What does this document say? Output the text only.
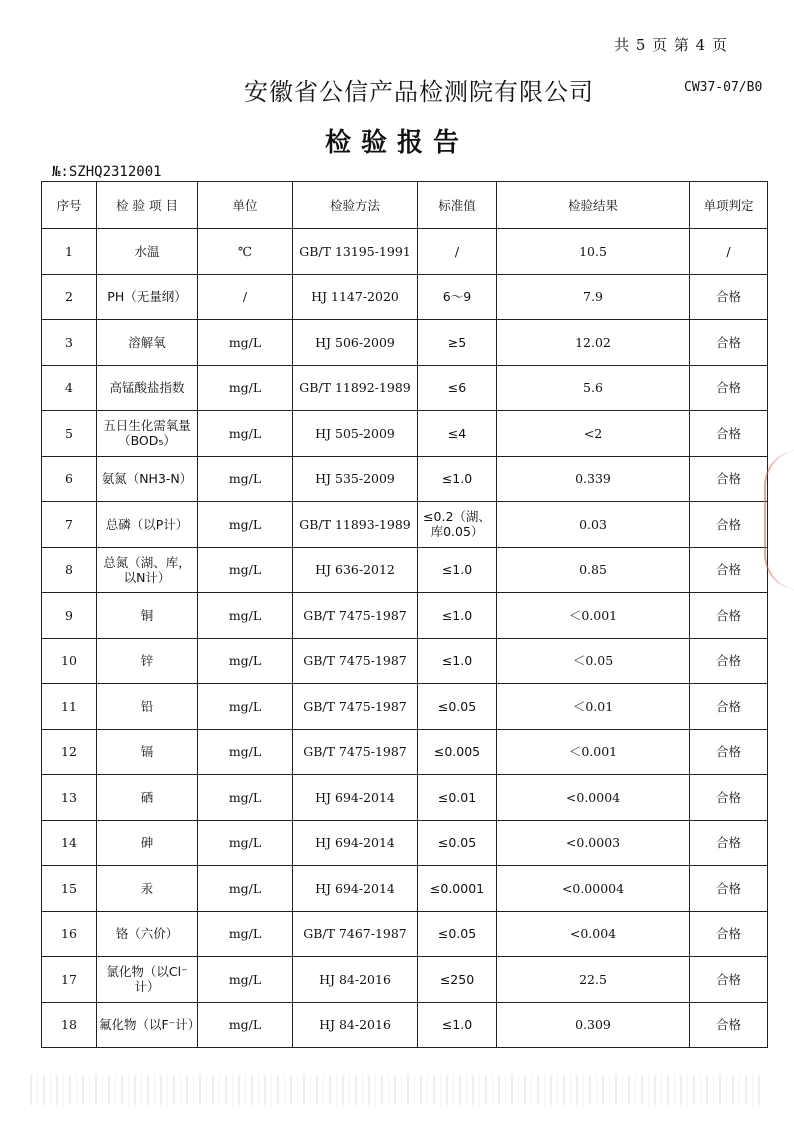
共 5 页 第 4 页
安徽省公信产品检测院有限公司	CW37-07/B0
检验报告
№:SZHQ2312001
序号	检 验 项 目	单位	检验方法	标准值	检验结果	单项判定
1	水温	℃	GB/T 13195-1991	/	10.5	/
2	PH（无量纲）	/	HJ 1147-2020	6～9	7.9	合格
3	溶解氧	mg/L	HJ 506-2009	≥5	12.02	合格
4	高锰酸盐指数	mg/L	GB/T 11892-1989	≤6	5.6	合格
5	五日生化需氧量（BOD₅）	mg/L	HJ 505-2009	≤4	<2	合格
6	氨氮（NH3-N）	mg/L	HJ 535-2009	≤1.0	0.339	合格
7	总磷（以P计）	mg/L	GB/T 11893-1989	≤0.2（湖、库0.05）	0.03	合格
8	总氮（湖、库，以N计）	mg/L	HJ 636-2012	≤1.0	0.85	合格
9	铜	mg/L	GB/T 7475-1987	≤1.0	＜0.001	合格
10	锌	mg/L	GB/T 7475-1987	≤1.0	＜0.05	合格
11	铅	mg/L	GB/T 7475-1987	≤0.05	＜0.01	合格
12	镉	mg/L	GB/T 7475-1987	≤0.005	＜0.001	合格
13	硒	mg/L	HJ 694-2014	≤0.01	<0.0004	合格
14	砷	mg/L	HJ 694-2014	≤0.05	<0.0003	合格
15	汞	mg/L	HJ 694-2014	≤0.0001	<0.00004	合格
16	铬（六价）	mg/L	GB/T 7467-1987	≤0.05	<0.004	合格
17	氯化物（以Cl⁻计）	mg/L	HJ 84-2016	≤250	22.5	合格
18	氟化物（以F⁻计）	mg/L	HJ 84-2016	≤1.0	0.309	合格
